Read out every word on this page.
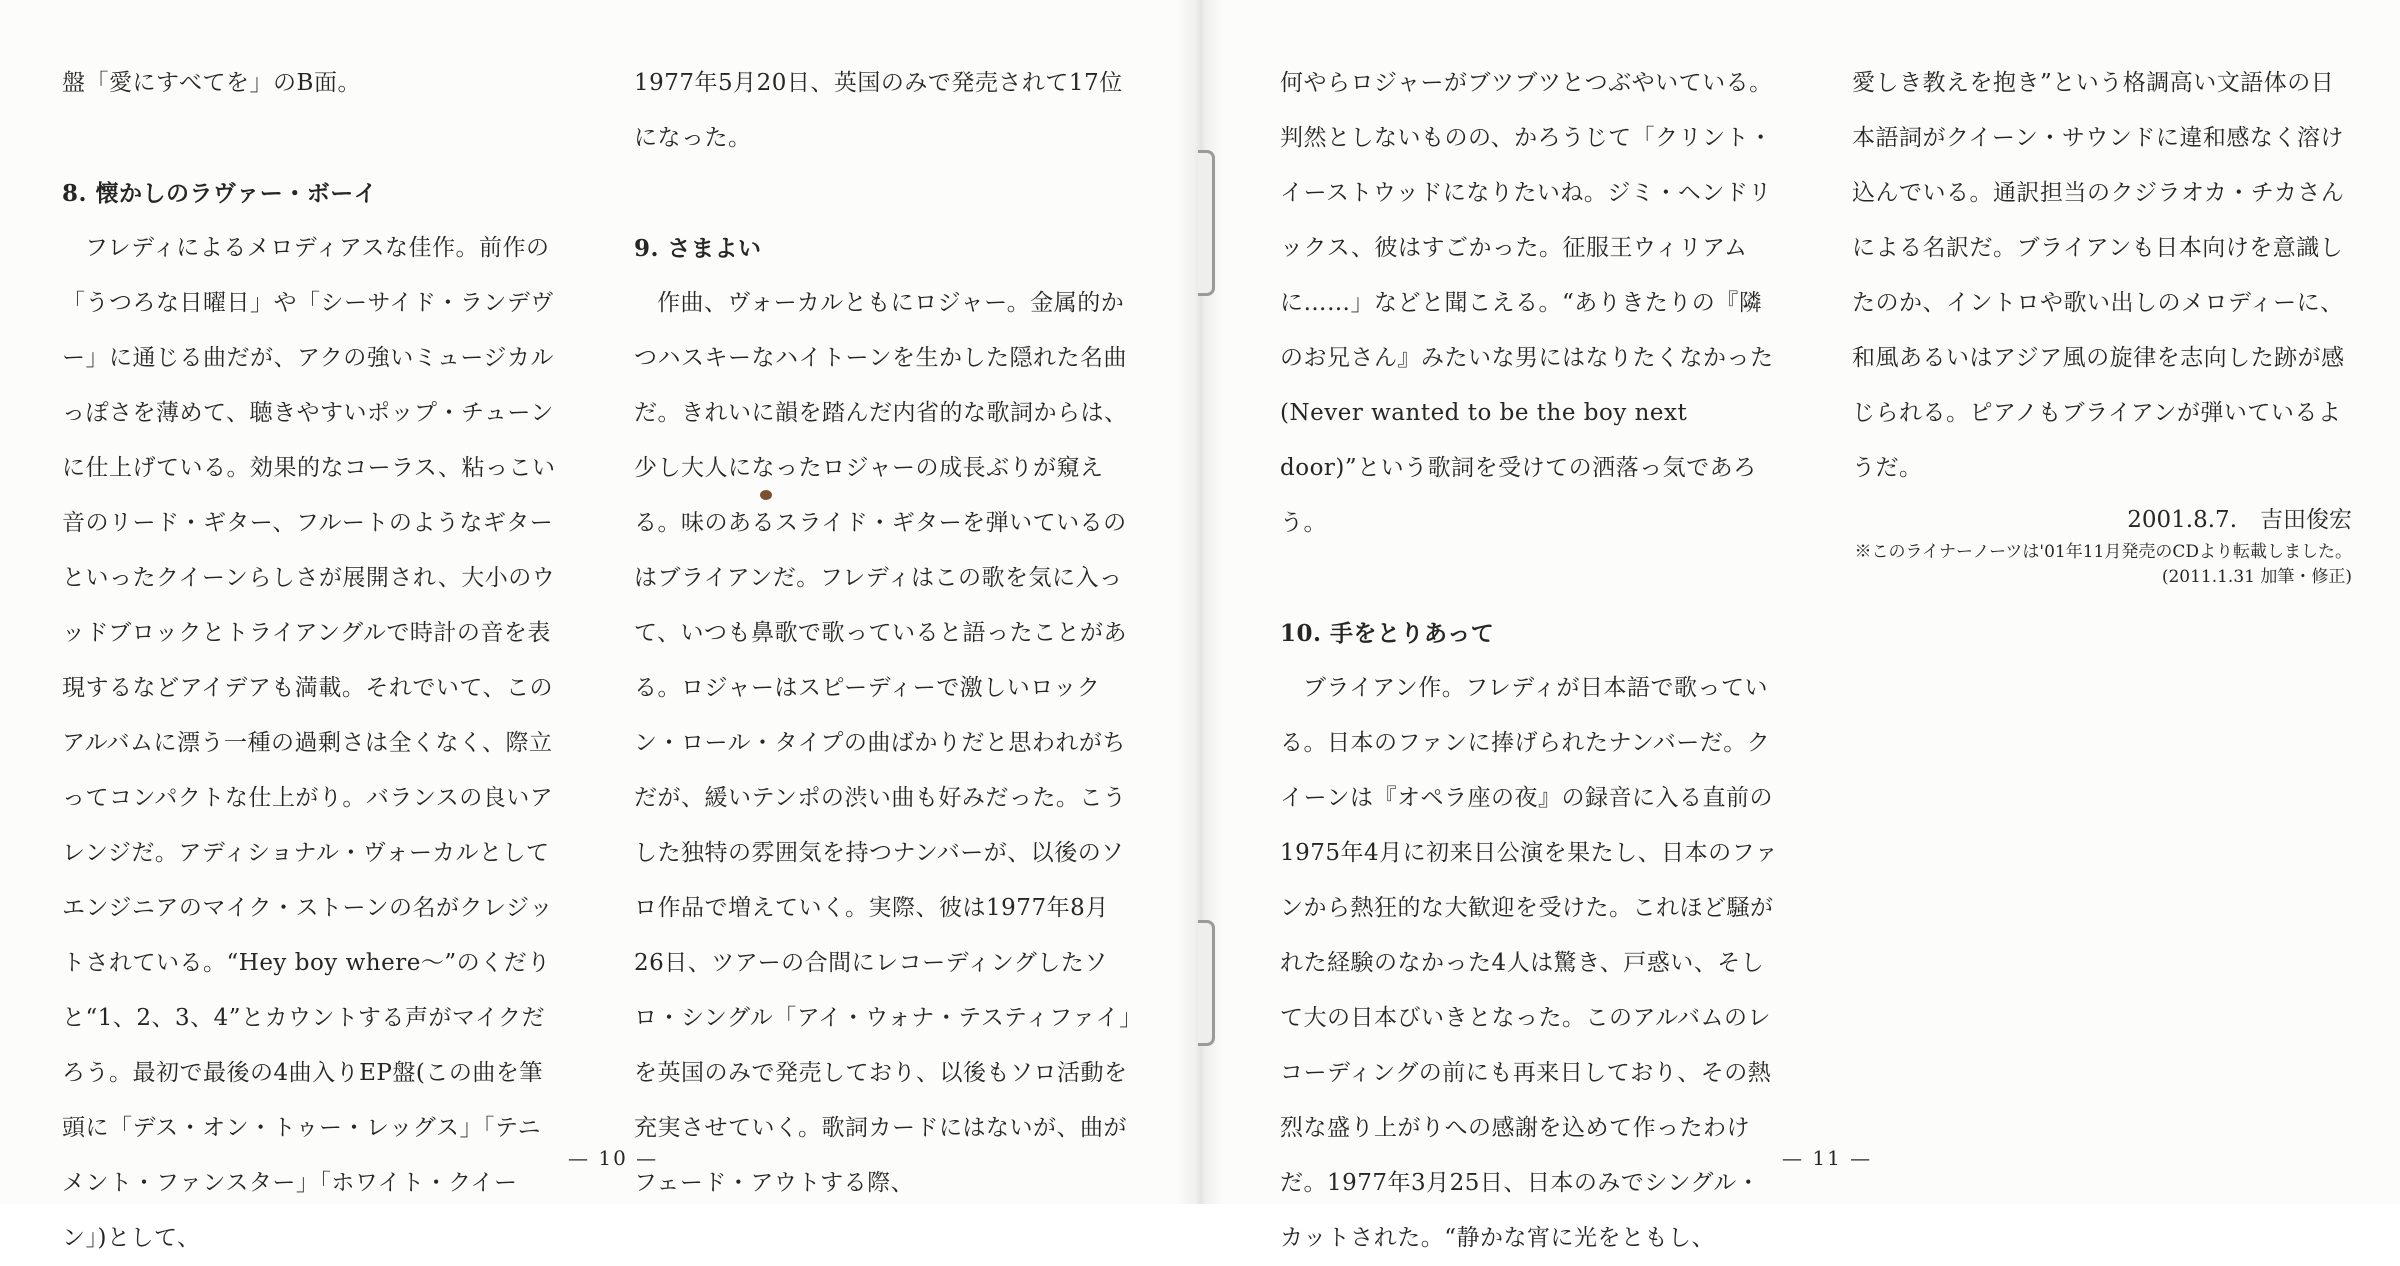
盤「愛にすべてを」のB面。

8. 懐かしのラヴァー・ボーイ

フレディによるメロディアスな佳作。前作の「うつろな日曜日」や「シーサイド・ランデヴー」に通じる曲だが、アクの強いミュージカルっぽさを薄めて、聴きやすいポップ・チューンに仕上げている。効果的なコーラス、粘っこい音のリード・ギター、フルートのようなギターといったクイーンらしさが展開され、大小のウッドブロックとトライアングルで時計の音を表現するなどアイデアも満載。それでいて、このアルバムに漂う一種の過剰さは全くなく、際立ってコンパクトな仕上がり。バランスの良いアレンジだ。アディショナル・ヴォーカルとしてエンジニアのマイク・ストーンの名がクレジットされている。“Hey boy where～”のくだりと“1、2、3、4”とカウントする声がマイクだろう。最初で最後の4曲入りEP盤(この曲を筆頭に「デス・オン・トゥー・レッグス」「テニメント・ファンスター」「ホワイト・クイーン」)として、

1977年5月20日、英国のみで発売されて17位になった。

9. さまよい

作曲、ヴォーカルともにロジャー。金属的かつハスキーなハイトーンを生かした隠れた名曲だ。きれいに韻を踏んだ内省的な歌詞からは、少し大人になったロジャーの成長ぶりが窺える。味のあるスライド・ギターを弾いているのはブライアンだ。フレディはこの歌を気に入って、いつも鼻歌で歌っていると語ったことがある。ロジャーはスピーディーで激しいロックン・ロール・タイプの曲ばかりだと思われがちだが、緩いテンポの渋い曲も好みだった。こうした独特の雰囲気を持つナンバーが、以後のソロ作品で増えていく。実際、彼は1977年8月26日、ツアーの合間にレコーディングしたソロ・シングル「アイ・ウォナ・テスティファイ」を英国のみで発売しており、以後もソロ活動を充実させていく。歌詞カードにはないが、曲がフェード・アウトする際、

何やらロジャーがブツブツとつぶやいている。判然としないものの、かろうじて「クリント・イーストウッドになりたいね。ジミ・ヘンドリックス、彼はすごかった。征服王ウィリアムに……」などと聞こえる。“ありきたりの『隣のお兄さん』みたいな男にはなりたくなかった(Never wanted to be the boy next door)”という歌詞を受けての洒落っ気であろう。

10. 手をとりあって

ブライアン作。フレディが日本語で歌っている。日本のファンに捧げられたナンバーだ。クイーンは『オペラ座の夜』の録音に入る直前の1975年4月に初来日公演を果たし、日本のファンから熱狂的な大歓迎を受けた。これほど騒がれた経験のなかった4人は驚き、戸惑い、そして大の日本びいきとなった。このアルバムのレコーディングの前にも再来日しており、その熱烈な盛り上がりへの感謝を込めて作ったわけだ。1977年3月25日、日本のみでシングル・カットされた。“静かな宵に光をともし、

愛しき教えを抱き”という格調高い文語体の日本語詞がクイーン・サウンドに違和感なく溶け込んでいる。通訳担当のクジラオカ・チカさんによる名訳だ。ブライアンも日本向けを意識したのか、イントロや歌い出しのメロディーに、和風あるいはアジア風の旋律を志向した跡が感じられる。ピアノもブライアンが弾いているようだ。

2001.8.7.　吉田俊宏
※このライナーノーツは'01年11月発売のCDより転載しました。
(2011.1.31 加筆・修正)
— 10 —	— 11 —
